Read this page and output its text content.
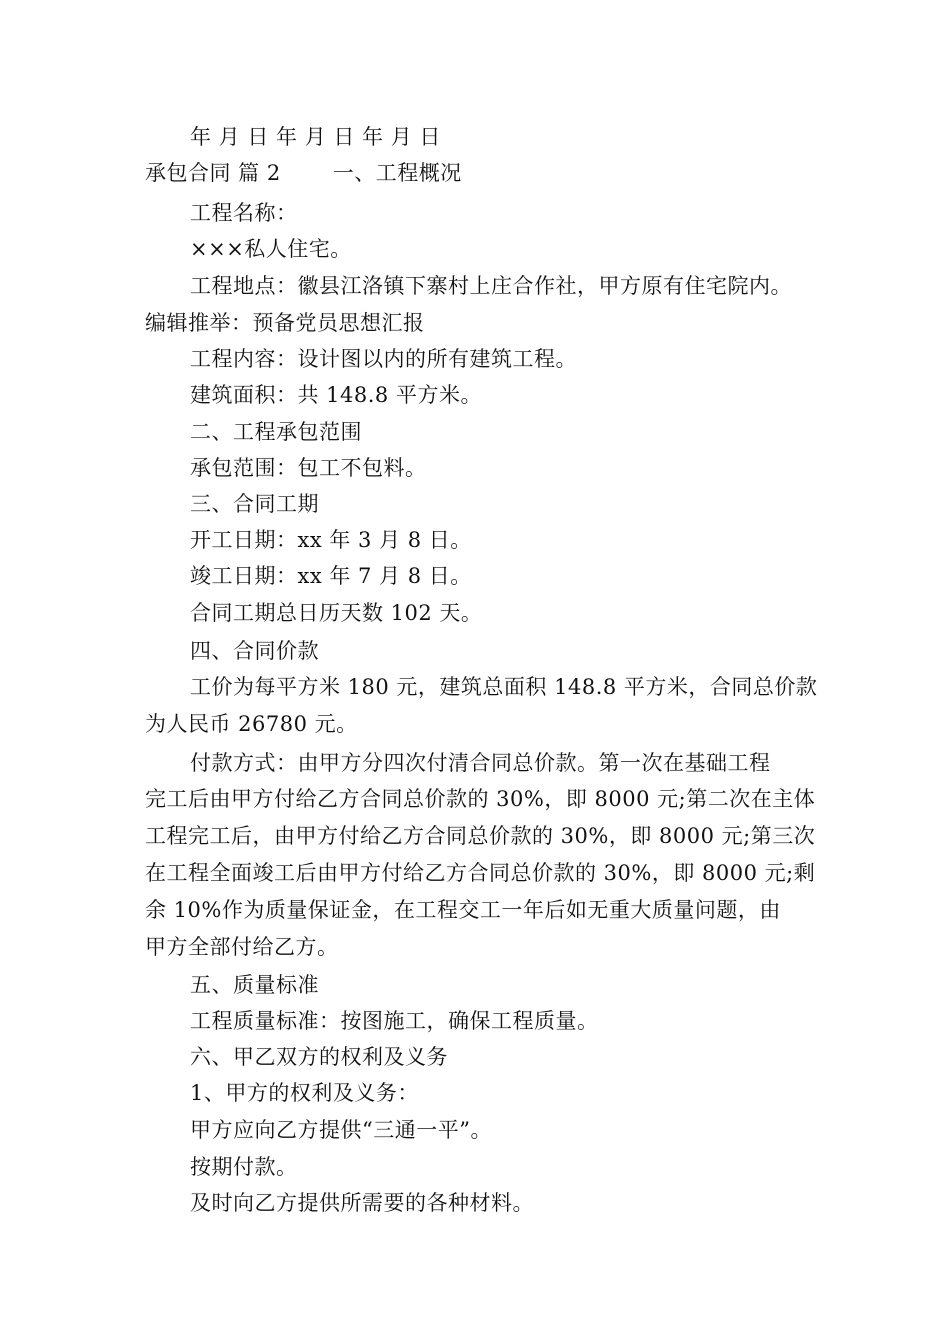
年 月 日 年 月 日 年 月 日
承包合同 篇 2 一、工程概况
工程名称：
×××私人住宅。
工程地点：徽县江洛镇下寨村上庄合作社，甲方原有住宅院内。
编辑推举：预备党员思想汇报
工程内容：设计图以内的所有建筑工程。
建筑面积：共 148.8 平方米。
二、工程承包范围
承包范围：包工不包料。
三、合同工期
开工日期：xx 年 3 月 8 日。
竣工日期：xx 年 7 月 8 日。
合同工期总日历天数 102 天。
四、合同价款
工价为每平方米 180 元，建筑总面积 148.8 平方米，合同总价款
为人民币 26780 元。
付款方式：由甲方分四次付清合同总价款。第一次在基础工程
完工后由甲方付给乙方合同总价款的 30%，即 8000 元;第二次在主体
工程完工后，由甲方付给乙方合同总价款的 30%，即 8000 元;第三次
在工程全面竣工后由甲方付给乙方合同总价款的 30%，即 8000 元;剩
余 10%作为质量保证金，在工程交工一年后如无重大质量问题，由
甲方全部付给乙方。
五、质量标准
工程质量标准：按图施工，确保工程质量。
六、甲乙双方的权利及义务
1、甲方的权利及义务：
甲方应向乙方提供“三通一平”。
按期付款。
及时向乙方提供所需要的各种材料。
